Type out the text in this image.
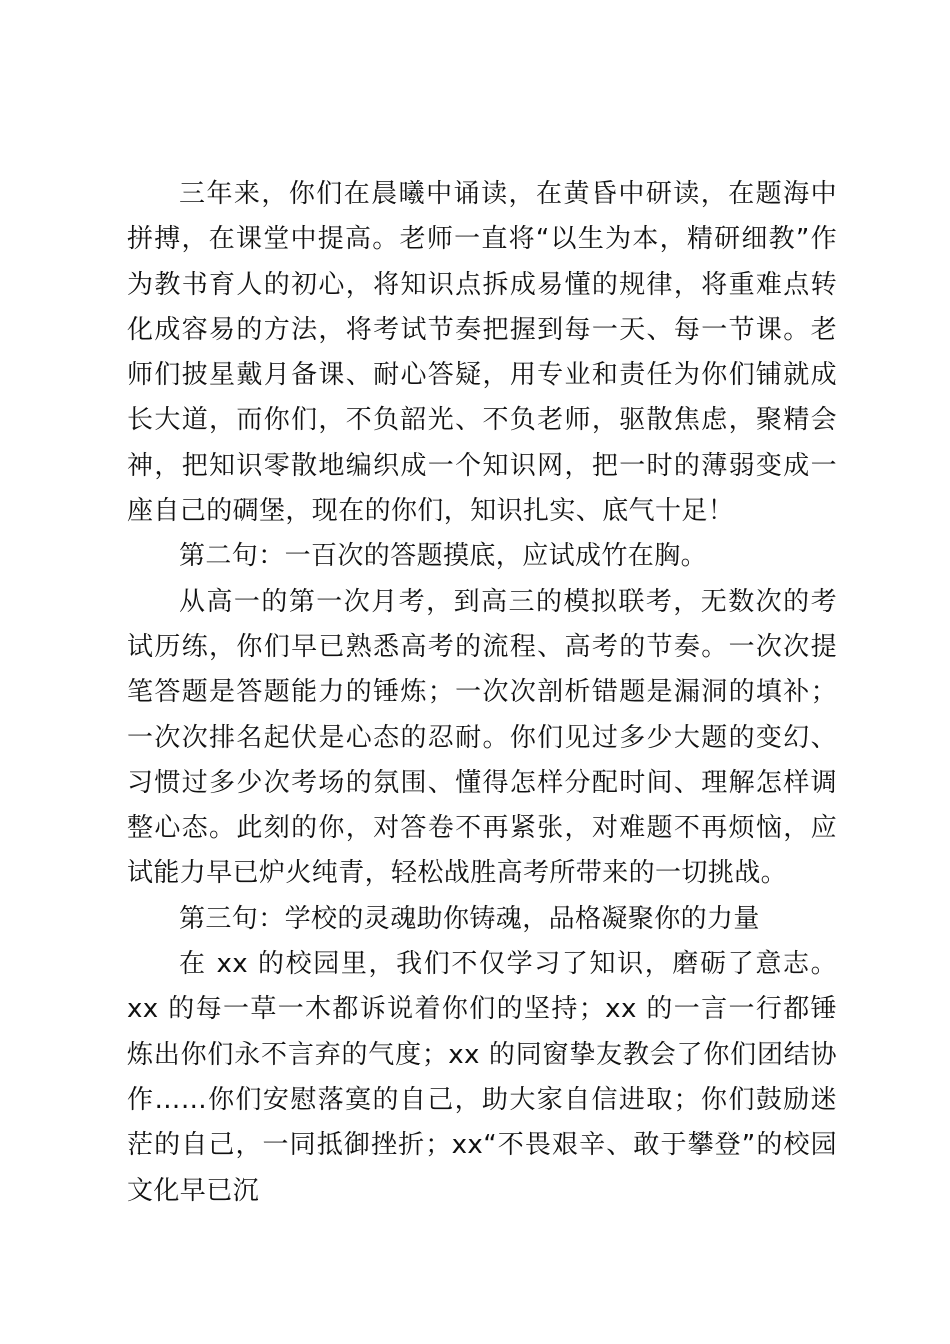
三年来，你们在晨曦中诵读，在黄昏中研读，在题海中拼搏，在课堂中提高。老师一直将“以生为本，精研细教”作为教书育人的初心，将知识点拆成易懂的规律，将重难点转化成容易的方法，将考试节奏把握到每一天、每一节课。老师们披星戴月备课、耐心答疑，用专业和责任为你们铺就成长大道，而你们，不负韶光、不负老师，驱散焦虑，聚精会神，把知识零散地编织成一个知识网，把一时的薄弱变成一座自己的碉堡，现在的你们，知识扎实、底气十足！

第二句：一百次的答题摸底，应试成竹在胸。

从高一的第一次月考，到高三的模拟联考，无数次的考试历练，你们早已熟悉高考的流程、高考的节奏。一次次提笔答题是答题能力的锤炼；一次次剖析错题是漏洞的填补；一次次排名起伏是心态的忍耐。你们见过多少大题的变幻、习惯过多少次考场的氛围、懂得怎样分配时间、理解怎样调整心态。此刻的你，对答卷不再紧张，对难题不再烦恼，应试能力早已炉火纯青，轻松战胜高考所带来的一切挑战。

第三句：学校的灵魂助你铸魂，品格凝聚你的力量

在 xx 的校园里，我们不仅学习了知识，磨砺了意志。xx 的每一草一木都诉说着你们的坚持；xx 的一言一行都锤炼出你们永不言弃的气度；xx 的同窗挚友教会了你们团结协作……你们安慰落寞的自己，助大家自信进取；你们鼓励迷茫的自己，一同抵御挫折；xx“不畏艰辛、敢于攀登”的校园文化早已沉
